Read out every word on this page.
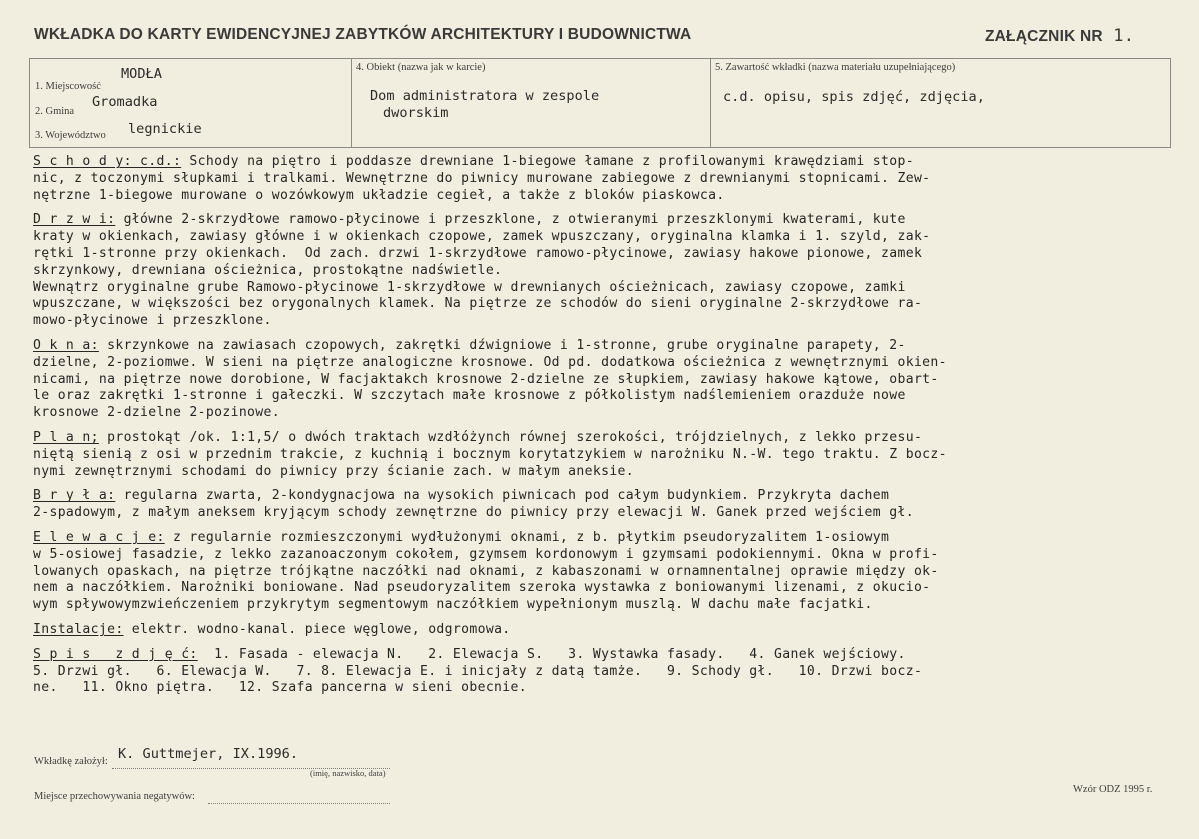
WKŁADKA DO KARTY EWIDENCYJNEJ ZABYTKÓW ARCHITEKTURY I BUDOWNICTWA	ZAŁĄCZNIK NR 1.
1. Miejscowość
MODŁA
2. Gmina
Gromadka
3. Województwo legnickie
4. Obiekt (nazwa jak w karcie)
Dom administratora w zespole
dworskim
5. Zawartość wkładki (nazwa materiału uzupełniającego)
c.d. opisu, spis zdjęć, zdjęcia,
S c h o d y: c.d.: Schody na piętro i poddasze drewniane 1-biegowe łamane z profilowanymi krawędziami stop-
nic, z toczonymi słupkami i tralkami. Wewnętrzne do piwnicy murowane zabiegowe z drewnianymi stopnicami. Zew-
nętrzne 1-biegowe murowane o wozówkowym układzie cegieł, a także z bloków piaskowca.
D r z w i: główne 2-skrzydłowe ramowo-płycinowe i przeszklone, z otwieranymi przeszklonymi kwaterami, kute
kraty w okienkach, zawiasy główne i w okienkach czopowe, zamek wpuszczany, oryginalna klamka i 1. szyld, zak-
rętki 1-stronne przy okienkach.  Od zach. drzwi 1-skrzydłowe ramowo-płycinowe, zawiasy hakowe pionowe, zamek
skrzynkowy, drewniana ościeżnica, prostokątne nadświetle.
Wewnątrz oryginalne grube Ramowo-płycinowe 1-skrzydłowe w drewnianych ościeżnicach, zawiasy czopowe, zamki
wpuszczane, w większości bez orygonalnych klamek. Na piętrze ze schodów do sieni oryginalne 2-skrzydłowe ra-
mowo-płycinowe i przeszklone.
O k n a: skrzynkowe na zawiasach czopowych, zakrętki dźwigniowe i 1-stronne, grube oryginalne parapety, 2-
dzielne, 2-poziomwe. W sieni na piętrze analogiczne krosnowe. Od pd. dodatkowa ościeżnica z wewnętrznymi okien-
nicami, na piętrze nowe dorobione, W facjaktakch krosnowe 2-dzielne ze słupkiem, zawiasy hakowe kątowe, obart-
le oraz zakrętki 1-stronne i gałeczki. W szczytach małe krosnowe z półkolistym nadślemieniem orazduże nowe
krosnowe 2-dzielne 2-pozinowe.
P l a n; prostokąt /ok. 1:1,5/ o dwóch traktach wzdłóżynch równej szerokości, trójdzielnych, z lekko przesu-
niętą sienią z osi w przednim trakcie, z kuchnią i bocznym korytatzykiem w narożniku N.-W. tego traktu. Z bocz-
nymi zewnętrznymi schodami do piwnicy przy ścianie zach. w małym aneksie.
B r y ł a: regularna zwarta, 2-kondygnacjowa na wysokich piwnicach pod całym budynkiem. Przykryta dachem
2-spadowym, z małym aneksem kryjącym schody zewnętrzne do piwnicy przy elewacji W. Ganek przed wejściem gł.
E l e w a c j e: z regularnie rozmieszczonymi wydłużonymi oknami, z b. płytkim pseudoryzalitem 1-osiowym
w 5-osiowej fasadzie, z lekko zazanoaczonym cokołem, gzymsem kordonowym i gzymsami podokiennymi. Okna w profi-
lowanych opaskach, na piętrze trójkątne naczółki nad oknami, z kabaszonami w ornamnentalnej oprawie między ok-
nem a naczółkiem. Narożniki boniowane. Nad pseudoryzalitem szeroka wystawka z boniowanymi lizenami, z okucio-
wym spływowymzwieńczeniem przykrytym segmentowym naczółkiem wypełnionym muszlą. W dachu małe facjatki.
Instalacje: elektr. wodno-kanal. piece węglowe, odgromowa.
S p i s   z d j ę ć:  1. Fasada - elewacja N.   2. Elewacja S.   3. Wystawka fasady.   4. Ganek wejściowy.
5. Drzwi gł.   6. Elewacja W.   7. 8. Elewacja E. i inicjały z datą tamże.   9. Schody gł.   10. Drzwi bocz-
ne.   11. Okno piętra.   12. Szafa pancerna w sieni obecnie.
Wkładkę założył: K. Guttmejer, IX.1996.
(imię, nazwisko, data)
Miejsce przechowywania negatywów:
Wzór ODZ 1995 r.
